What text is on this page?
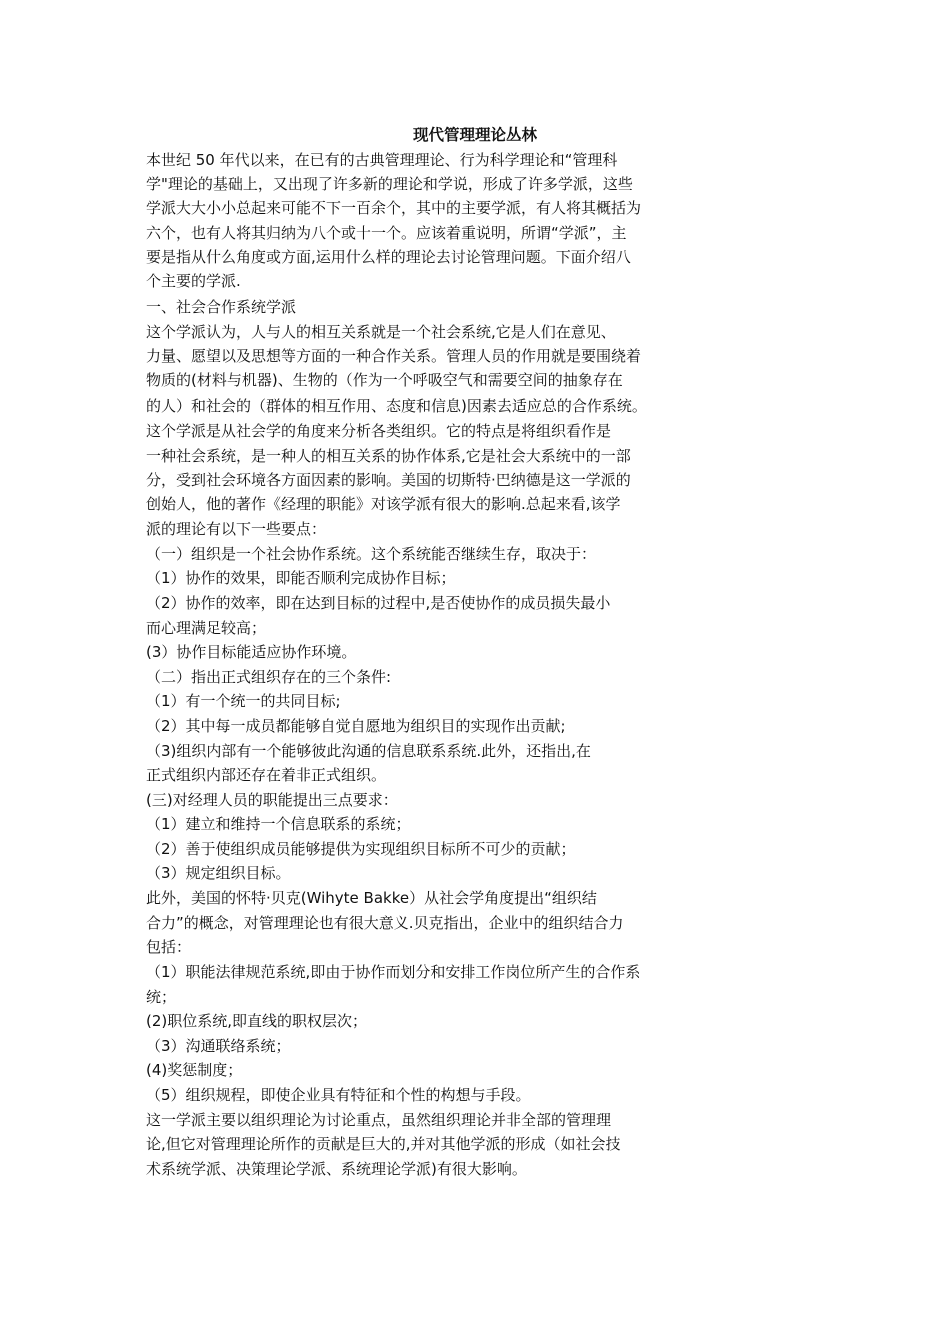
现代管理理论丛林
本世纪 50 年代以来，在已有的古典管理理论、行为科学理论和“管理科
学"理论的基础上，又出现了许多新的理论和学说，形成了许多学派，这些
学派大大小小总起来可能不下一百余个，其中的主要学派，有人将其概括为
六个，也有人将其归纳为八个或十一个。应该着重说明，所谓“学派”，主
要是指从什么角度或方面,运用什么样的理论去讨论管理问题。下面介绍八
个主要的学派.
一、社会合作系统学派
这个学派认为，人与人的相互关系就是一个社会系统,它是人们在意见、
力量、愿望以及思想等方面的一种合作关系。管理人员的作用就是要围绕着
物质的(材料与机器)、生物的（作为一个呼吸空气和需要空间的抽象存在
的人）和社会的（群体的相互作用、态度和信息)因素去适应总的合作系统。
这个学派是从社会学的角度来分析各类组织。它的特点是将组织看作是
一种社会系统，是一种人的相互关系的协作体系,它是社会大系统中的一部
分，受到社会环境各方面因素的影响。美国的切斯特·巴纳德是这一学派的
创始人，他的著作《经理的职能》对该学派有很大的影响.总起来看,该学
派的理论有以下一些要点：
（一）组织是一个社会协作系统。这个系统能否继续生存，取决于：
（1）协作的效果，即能否顺利完成协作目标；
（2）协作的效率，即在达到目标的过程中,是否使协作的成员损失最小
而心理满足较高；
(3）协作目标能适应协作环境。
（二）指出正式组织存在的三个条件:
（1）有一个统一的共同目标;
（2）其中每一成员都能够自觉自愿地为组织目的实现作出贡献;
（3)组织内部有一个能够彼此沟通的信息联系系统.此外，还指出,在
正式组织内部还存在着非正式组织。
(三)对经理人员的职能提出三点要求：
（1）建立和维持一个信息联系的系统；
（2）善于使组织成员能够提供为实现组织目标所不可少的贡献；
（3）规定组织目标。
此外，美国的怀特·贝克(Wihyte Bakke）从社会学角度提出“组织结
合力”的概念，对管理理论也有很大意义.贝克指出，企业中的组织结合力
包括：
（1）职能法律规范系统,即由于协作而划分和安排工作岗位所产生的合作系
统；
(2)职位系统,即直线的职权层次；
（3）沟通联络系统；
(4)奖惩制度；
（5）组织规程，即使企业具有特征和个性的构想与手段。
这一学派主要以组织理论为讨论重点，虽然组织理论并非全部的管理理
论,但它对管理理论所作的贡献是巨大的,并对其他学派的形成（如社会技
术系统学派、决策理论学派、系统理论学派)有很大影响。
